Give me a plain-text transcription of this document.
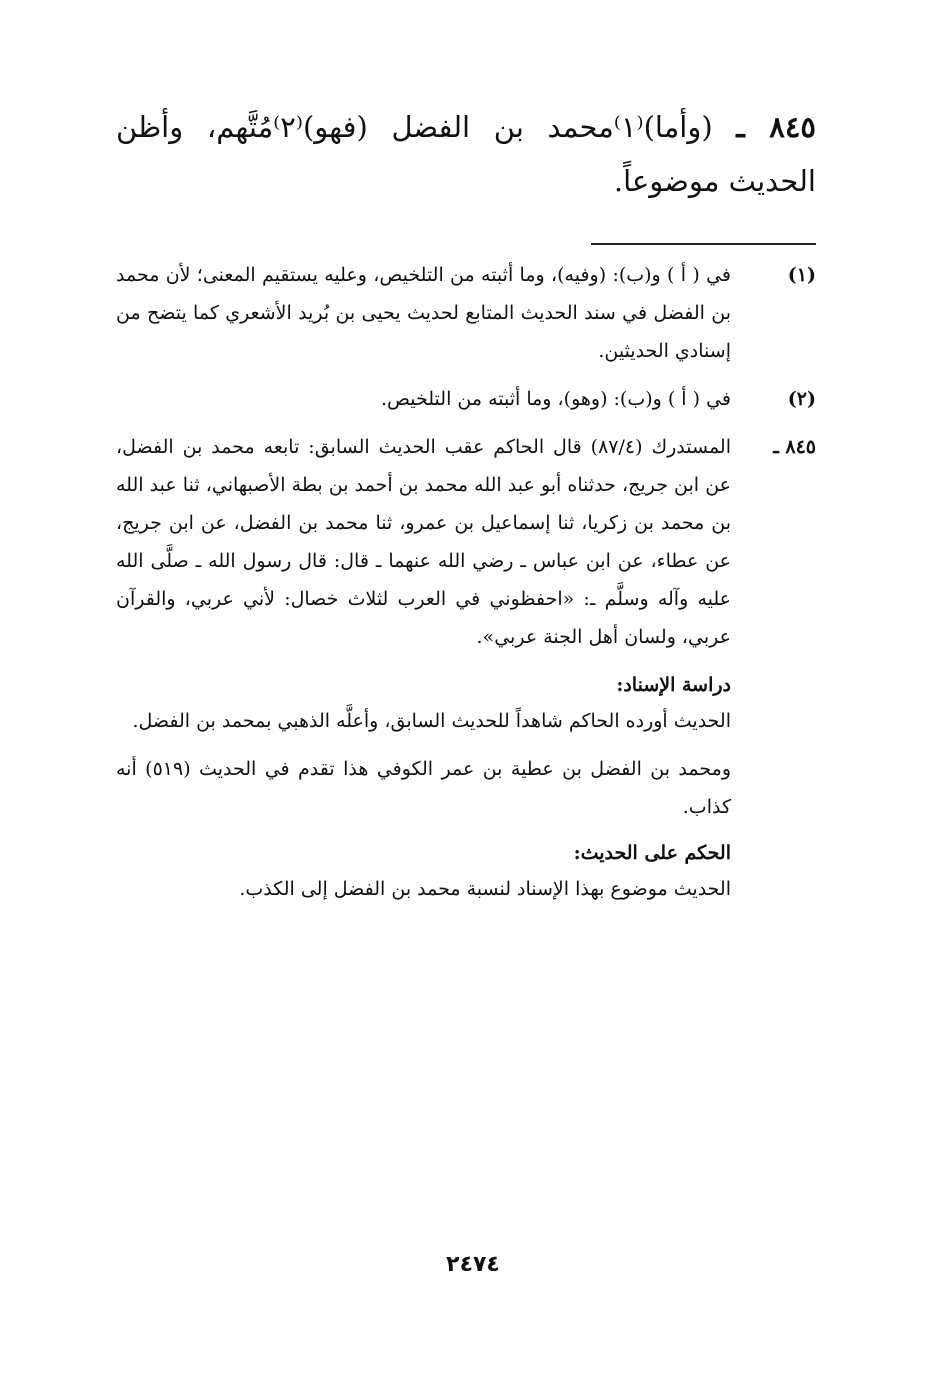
٨٤٥ ـ (وأما)⁽١⁾محمد بن الفضل (فهو)⁽٢⁾مُتَّهم، وأظن الحديث موضوعاً.
(١)
في ( أ ) و(ب): (وفيه)، وما أثبته من التلخيص، وعليه يستقيم المعنى؛ لأن محمد بن الفضل في سند الحديث المتابع لحديث يحيى بن بُريد الأشعري كما يتضح من إسنادي الحديثين.
(٢)
في ( أ ) و(ب): (وهو)، وما أثبته من التلخيص.
٨٤٥ ـ
المستدرك (٨٧/٤) قال الحاكم عقب الحديث السابق: تابعه محمد بن الفضل، عن ابن جريج، حدثناه أبو عبد الله محمد بن أحمد بن بطة الأصبهاني، ثنا عبد الله بن محمد بن زكريا، ثنا إسماعيل بن عمرو، ثنا محمد بن الفضل، عن ابن جريج، عن عطاء، عن ابن عباس ـ رضي الله عنهما ـ قال: قال رسول الله ـ صلَّى الله عليه وآله وسلَّم ـ: «احفظوني في العرب لثلاث خصال: لأني عربي، والقرآن عربي، ولسان أهل الجنة عربي».
دراسة الإسناد:
الحديث أورده الحاكم شاهداً للحديث السابق، وأعلَّه الذهبي بمحمد بن الفضل.
ومحمد بن الفضل بن عطية بن عمر الكوفي هذا تقدم في الحديث (٥١٩) أنه كذاب.
الحكم على الحديث:
الحديث موضوع بهذا الإسناد لنسبة محمد بن الفضل إلى الكذب.
٢٤٧٤
